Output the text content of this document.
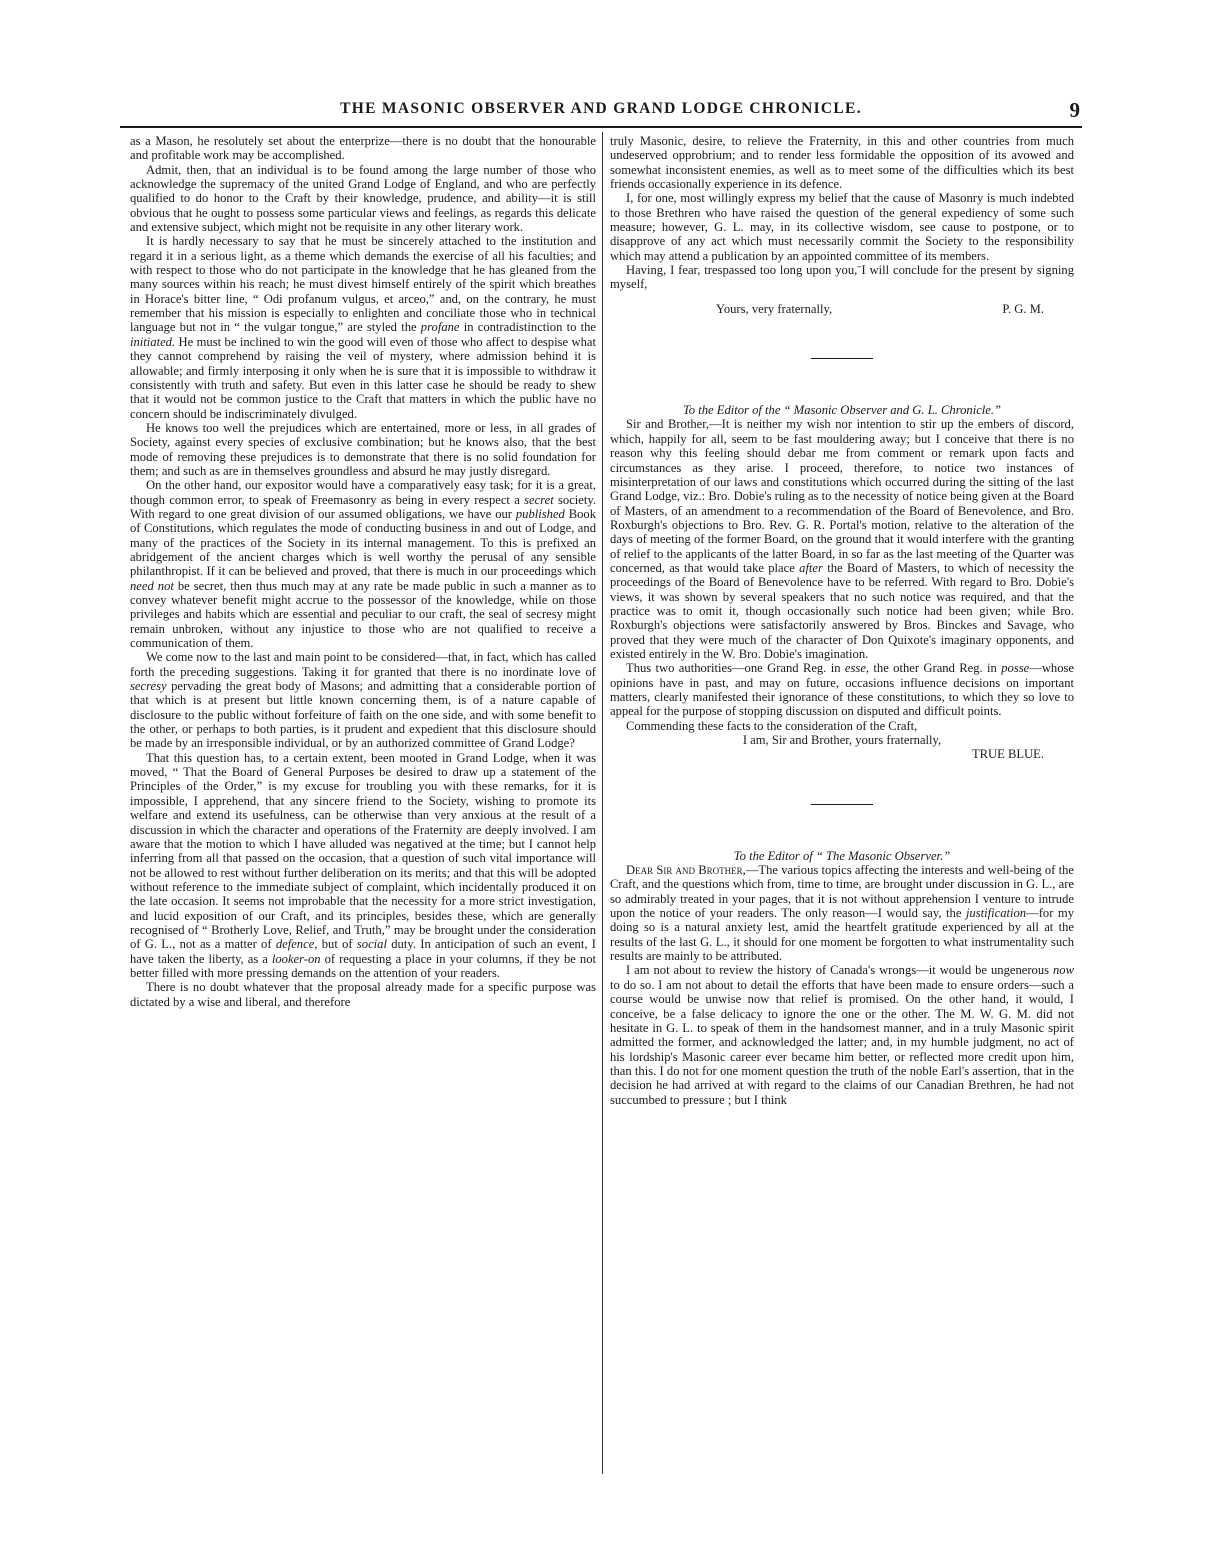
THE MASONIC OBSERVER AND GRAND LODGE CHRONICLE.	9

as a Mason, he resolutely set about the enterprize—there is no doubt that the honourable and profitable work may be accomplished.

Admit, then, that an individual is to be found among the large number of those who acknowledge the supremacy of the united Grand Lodge of England, and who are perfectly qualified to do honor to the Craft by their knowledge, prudence, and ability—it is still obvious that he ought to possess some particular views and feelings, as regards this delicate and extensive subject, which might not be requisite in any other literary work.

It is hardly necessary to say that he must be sincerely attached to the institution and regard it in a serious light, as a theme which demands the exercise of all his faculties; and with respect to those who do not participate in the knowledge that he has gleaned from the many sources within his reach; he must divest himself entirely of the spirit which breathes in Horace's bitter line, “ Odi profanum vulgus, et arceo,” and, on the contrary, he must remember that his mission is especially to enlighten and conciliate those who in technical language but not in “ the vulgar tongue,” are styled the profane in contradistinction to the initiated. He must be inclined to win the good will even of those who affect to despise what they cannot comprehend by raising the veil of mystery, where admission behind it is allowable; and firmly interposing it only when he is sure that it is impossible to withdraw it consistently with truth and safety. But even in this latter case he should be ready to shew that it would not be common justice to the Craft that matters in which the public have no concern should be indiscriminately divulged.

He knows too well the prejudices which are entertained, more or less, in all grades of Society, against every species of exclusive combination; but he knows also, that the best mode of removing these prejudices is to demonstrate that there is no solid foundation for them; and such as are in themselves groundless and absurd he may justly disregard.

On the other hand, our expositor would have a comparatively easy task; for it is a great, though common error, to speak of Freemasonry as being in every respect a secret society. With regard to one great division of our assumed obligations, we have our published Book of Constitutions, which regulates the mode of conducting business in and out of Lodge, and many of the practices of the Society in its internal management. To this is prefixed an abridgement of the ancient charges which is well worthy the perusal of any sensible philanthropist. If it can be believed and proved, that there is much in our proceedings which need not be secret, then thus much may at any rate be made public in such a manner as to convey whatever benefit might accrue to the possessor of the knowledge, while on those privileges and habits which are essential and peculiar to our craft, the seal of secresy might remain unbroken, without any injustice to those who are not qualified to receive a communication of them.

We come now to the last and main point to be considered—that, in fact, which has called forth the preceding suggestions. Taking it for granted that there is no inordinate love of secresy pervading the great body of Masons; and admitting that a considerable portion of that which is at present but little known concerning them, is of a nature capable of disclosure to the public without forfeiture of faith on the one side, and with some benefit to the other, or perhaps to both parties, is it prudent and expedient that this disclosure should be made by an irresponsible individual, or by an authorized committee of Grand Lodge?

That this question has, to a certain extent, been mooted in Grand Lodge, when it was moved, “ That the Board of General Purposes be desired to draw up a statement of the Principles of the Order,” is my excuse for troubling you with these remarks, for it is impossible, I apprehend, that any sincere friend to the Society, wishing to promote its welfare and extend its usefulness, can be otherwise than very anxious at the result of a discussion in which the character and operations of the Fraternity are deeply involved. I am aware that the motion to which I have alluded was negatived at the time; but I cannot help inferring from all that passed on the occasion, that a question of such vital importance will not be allowed to rest without further deliberation on its merits; and that this will be adopted without reference to the immediate subject of complaint, which incidentally produced it on the late occasion. It seems not improbable that the necessity for a more strict investigation, and lucid exposition of our Craft, and its principles, besides these, which are generally recognised of “ Brotherly Love, Relief, and Truth,” may be brought under the consideration of G. L., not as a matter of defence, but of social duty. In anticipation of such an event, I have taken the liberty, as a looker-on of requesting a place in your columns, if they be not better filled with more pressing demands on the attention of your readers.

There is no doubt whatever that the proposal already made for a specific purpose was dictated by a wise and liberal, and therefore

truly Masonic, desire, to relieve the Fraternity, in this and other countries from much undeserved opprobrium; and to render less formidable the opposition of its avowed and somewhat inconsistent enemies, as well as to meet some of the difficulties which its best friends occasionally experience in its defence.

I, for one, most willingly express my belief that the cause of Masonry is much indebted to those Brethren who have raised the question of the general expediency of some such measure; however, G. L. may, in its collective wisdom, see cause to postpone, or to disapprove of any act which must necessarily commit the Society to the responsibility which may attend a publication by an appointed committee of its members.

Having, I fear, trespassed too long upon you,ˉI will conclude for the present by signing myself,

Yours, very fraternally,	P. G. M.

To the Editor of the “ Masonic Observer and G. L. Chronicle.”

Sir and Brother,—It is neither my wish nor intention to stir up the embers of discord, which, happily for all, seem to be fast mouldering away; but I conceive that there is no reason why this feeling should debar me from comment or remark upon facts and circumstances as they arise. I proceed, therefore, to notice two instances of misinterpretation of our laws and constitutions which occurred during the sitting of the last Grand Lodge, viz.: Bro. Dobie's ruling as to the necessity of notice being given at the Board of Masters, of an amendment to a recommendation of the Board of Benevolence, and Bro. Roxburgh's objections to Bro. Rev. G. R. Portal's motion, relative to the alteration of the days of meeting of the former Board, on the ground that it would interfere with the granting of relief to the applicants of the latter Board, in so far as the last meeting of the Quarter was concerned, as that would take place after the Board of Masters, to which of necessity the proceedings of the Board of Benevolence have to be referred. With regard to Bro. Dobie's views, it was shown by several speakers that no such notice was required, and that the practice was to omit it, though occasionally such notice had been given; while Bro. Roxburgh's objections were satisfactorily answered by Bros. Binckes and Savage, who proved that they were much of the character of Don Quixote's imaginary opponents, and existed entirely in the W. Bro. Dobie's imagination.

Thus two authorities—one Grand Reg. in esse, the other Grand Reg. in posse—whose opinions have in past, and may on future, occasions influence decisions on important matters, clearly manifested their ignorance of these constitutions, to which they so love to appeal for the purpose of stopping discussion on disputed and difficult points.

Commending these facts to the consideration of the Craft,

I am, Sir and Brother, yours fraternally,

TRUE BLUE.

To the Editor of “ The Masonic Observer.”

Dear Sir and Brother,—The various topics affecting the interests and well-being of the Craft, and the questions which from, time to time, are brought under discussion in G. L., are so admirably treated in your pages, that it is not without apprehension I venture to intrude upon the notice of your readers. The only reason—I would say, the justification—for my doing so is a natural anxiety lest, amid the heartfelt gratitude experienced by all at the results of the last G. L., it should for one moment be forgotten to what instrumentality such results are mainly to be attributed.

I am not about to review the history of Canada's wrongs—it would be ungenerous now to do so. I am not about to detail the efforts that have been made to ensure orders—such a course would be unwise now that relief is promised. On the other hand, it would, I conceive, be a false delicacy to ignore the one or the other. The M. W. G. M. did not hesitate in G. L. to speak of them in the handsomest manner, and in a truly Masonic spirit admitted the former, and acknowledged the latter; and, in my humble judgment, no act of his lordship's Masonic career ever became him better, or reflected more credit upon him, than this. I do not for one moment question the truth of the noble Earl's assertion, that in the decision he had arrived at with regard to the claims of our Canadian Brethren, he had not succumbed to pressure ; but I think
